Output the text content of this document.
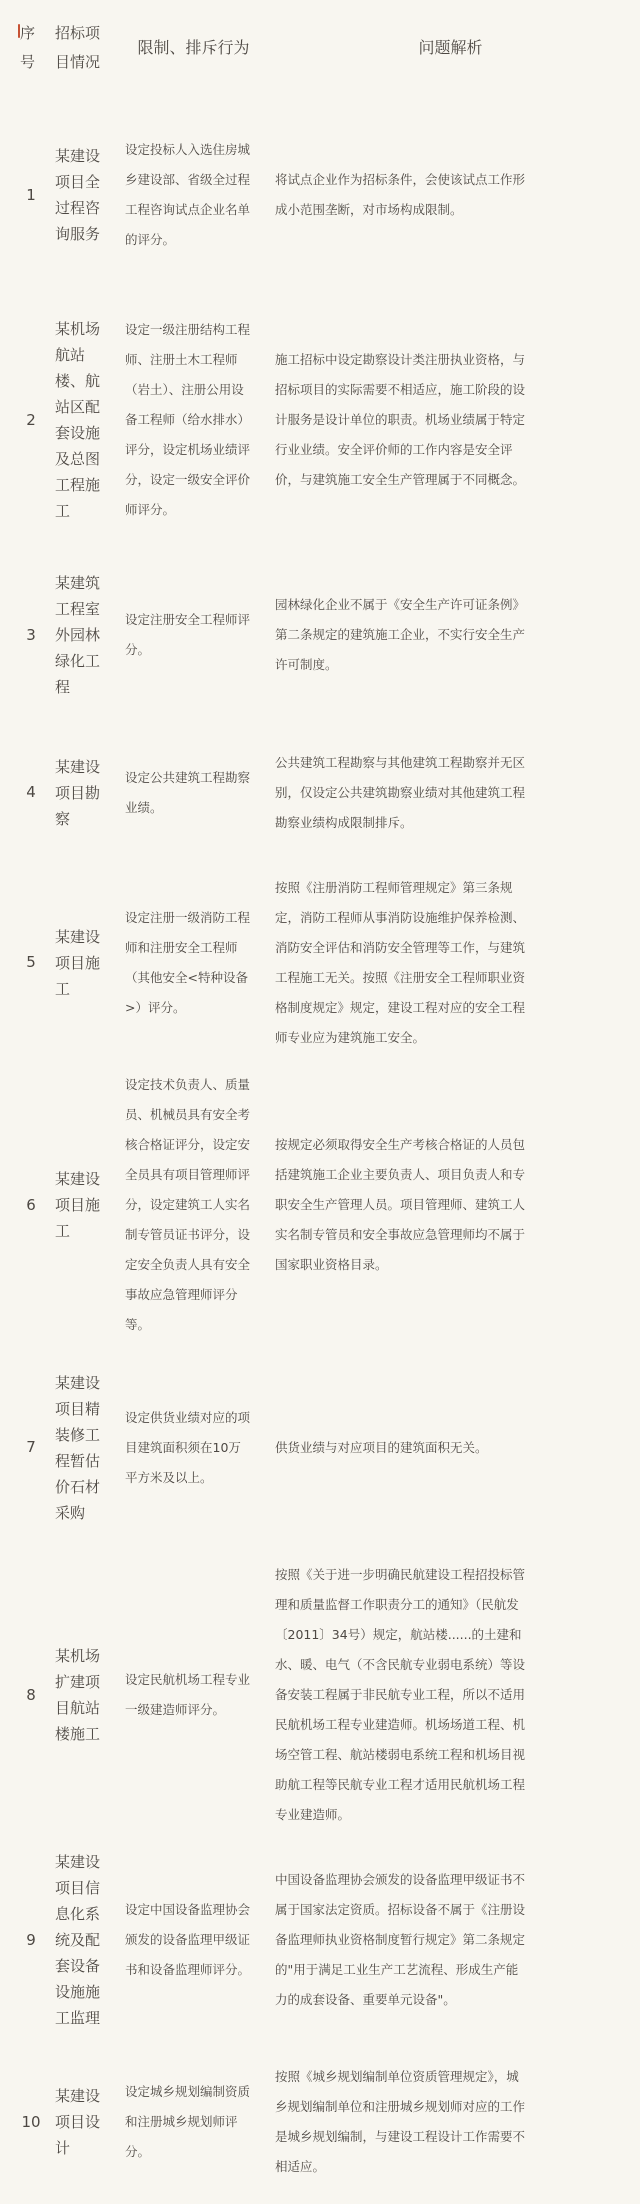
序号

招标项目情况

限制、排斥行为	问题解析

1

某建设项目全过程咨询服务

设定投标人入选住房城乡建设部、省级全过程工程咨询试点企业名单的评分。

将试点企业作为招标条件，会使该试点工作形成小范围垄断，对市场构成限制。

2

某机场航站楼、航站区配套设施及总图工程施工

设定一级注册结构工程师、注册土木工程师（岩土）、注册公用设备工程师（给水排水）评分，设定机场业绩评分，设定一级安全评价师评分。

施工招标中设定勘察设计类注册执业资格，与招标项目的实际需要不相适应，施工阶段的设计服务是设计单位的职责。机场业绩属于特定行业业绩。安全评价师的工作内容是安全评价，与建筑施工安全生产管理属于不同概念。

3

某建筑工程室外园林绿化工程

设定注册安全工程师评分。

园林绿化企业不属于《安全生产许可证条例》第二条规定的建筑施工企业，不实行安全生产许可制度。

4

某建设项目勘察

设定公共建筑工程勘察业绩。

公共建筑工程勘察与其他建筑工程勘察并无区别，仅设定公共建筑勘察业绩对其他建筑工程勘察业绩构成限制排斥。

5

某建设项目施工

设定注册一级消防工程师和注册安全工程师（其他安全<特种设备>）评分。

按照《注册消防工程师管理规定》第三条规定，消防工程师从事消防设施维护保养检测、消防安全评估和消防安全管理等工作，与建筑工程施工无关。按照《注册安全工程师职业资格制度规定》规定，建设工程对应的安全工程师专业应为建筑施工安全。

6

某建设项目施工

设定技术负责人、质量员、机械员具有安全考核合格证评分，设定安全员具有项目管理师评分，设定建筑工人实名制专管员证书评分，设定安全负责人具有安全事故应急管理师评分等。

按规定必须取得安全生产考核合格证的人员包括建筑施工企业主要负责人、项目负责人和专职安全生产管理人员。项目管理师、建筑工人实名制专管员和安全事故应急管理师均不属于国家职业资格目录。

7

某建设项目精装修工程暂估价石材采购

设定供货业绩对应的项目建筑面积须在10万平方米及以上。

供货业绩与对应项目的建筑面积无关。

8

某机场扩建项目航站楼施工

设定民航机场工程专业一级建造师评分。

按照《关于进一步明确民航建设工程招投标管理和质量监督工作职责分工的通知》（民航发〔2011〕34号）规定，航站楼......的土建和水、暖、电气（不含民航专业弱电系统）等设备安装工程属于非民航专业工程，所以不适用民航机场工程专业建造师。机场场道工程、机场空管工程、航站楼弱电系统工程和机场目视助航工程等民航专业工程才适用民航机场工程专业建造师。

9

某建设项目信息化系统及配套设备设施施工监理

设定中国设备监理协会颁发的设备监理甲级证书和设备监理师评分。

中国设备监理协会颁发的设备监理甲级证书不属于国家法定资质。招标设备不属于《注册设备监理师执业资格制度暂行规定》第二条规定的"用于满足工业生产工艺流程、形成生产能力的成套设备、重要单元设备"。

10

某建设项目设计

设定城乡规划编制资质和注册城乡规划师评分。

按照《城乡规划编制单位资质管理规定》，城乡规划编制单位和注册城乡规划师对应的工作是城乡规划编制，与建设工程设计工作需要不相适应。
